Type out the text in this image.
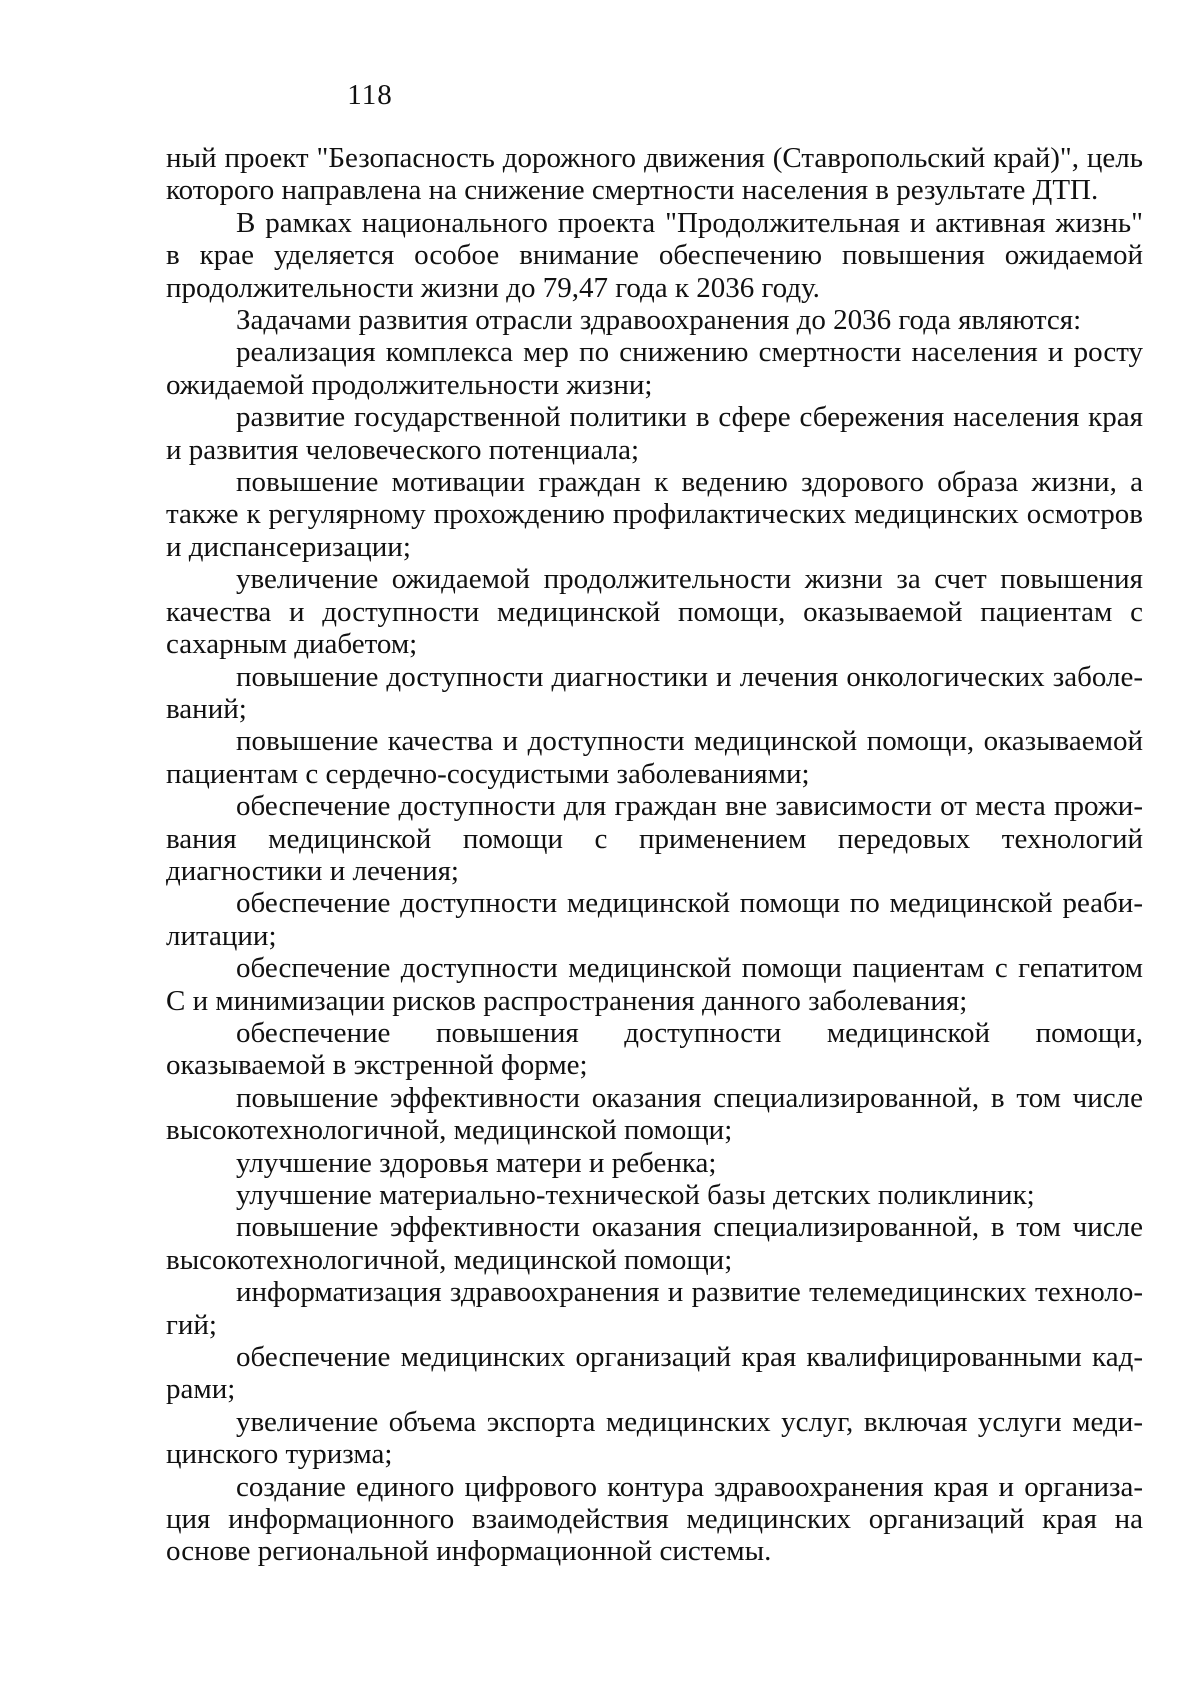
118

ный проект "Безопасность дорожного движения (Ставропольский край)", цель которого направлена на снижение смертности населения в результате ДТП.

В рамках национального проекта "Продолжительная и активная жизнь" в крае уделяется особое внимание обеспечению повышения ожидаемой продолжительности жизни до 79,47 года к 2036 году.

Задачами развития отрасли здравоохранения до 2036 года являются:

реализация комплекса мер по снижению смертности населения и росту ожидаемой продолжительности жизни;

развитие государственной политики в сфере сбережения населения края и развития человеческого потенциала;

повышение мотивации граждан к ведению здорового образа жизни, а также к регулярному прохождению профилактических медицинских осмотров и диспансеризации;

увеличение ожидаемой продолжительности жизни за счет повышения качества и доступности медицинской помощи, оказываемой пациентам с сахарным диабетом;

повышение доступности диагностики и лечения онкологических заболеваний;

повышение качества и доступности медицинской помощи, оказываемой пациентам с сердечно-сосудистыми заболеваниями;

обеспечение доступности для граждан вне зависимости от места проживания медицинской помощи с применением передовых технологий диагностики и лечения;

обеспечение доступности медицинской помощи по медицинской реабилитации;

обеспечение доступности медицинской помощи пациентам с гепатитом С и минимизации рисков распространения данного заболевания;

обеспечение повышения доступности медицинской помощи, оказываемой в экстренной форме;

повышение эффективности оказания специализированной, в том числе высокотехнологичной, медицинской помощи;

улучшение здоровья матери и ребенка;

улучшение материально-технической базы детских поликлиник;

повышение эффективности оказания специализированной, в том числе высокотехнологичной, медицинской помощи;

информатизация здравоохранения и развитие телемедицинских технологий;

обеспечение медицинских организаций края квалифицированными кадрами;

увеличение объема экспорта медицинских услуг, включая услуги медицинского туризма;

создание единого цифрового контура здравоохранения края и организация информационного взаимодействия медицинских организаций края на основе региональной информационной системы.
